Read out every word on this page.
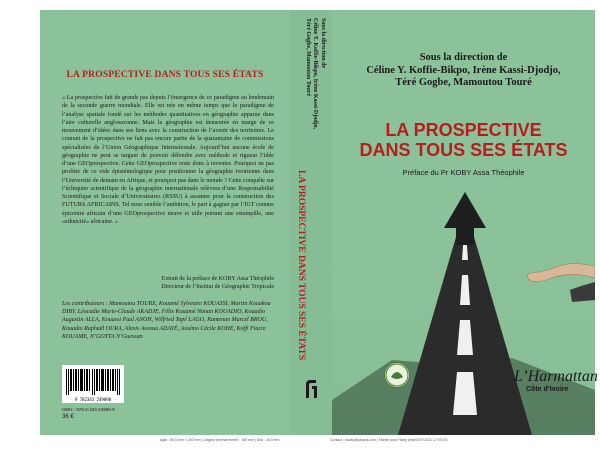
LA PROSPECTIVE DANS TOUS SES ÉTATS

« La prospective fait de grands pas depuis l’émergence de ce paradigme au lendemain de la seconde guerre mondiale. Elle est née en même temps que le paradigme de l’analyse spatiale fondé sur les méthodes quantitatives en géographie apparue dans l’aire culturelle anglosaxonne. Mais la géographie est demeurée en marge de ce mouvement d’idées dans ses liens avec la construction de l’avenir des territoires. Le courant de la prospective ne fait pas encore partie de la quarantaine de commissions spécialisées de l’Union Géographique Internationale. Aujourd’hui aucune école de géographie ne peut se targuer de pouvoir défendre avec méthode et rigueur l’idée d’une GEOprospective. Cette GEOprospective reste donc à inventer. Pourquoi ne pas profiter de ce vide épistémologique pour positionner la géographie ivoirienne dans l’Université de demain en Afrique, et pourquoi pas dans le monde ? Cette conquête sur l’échiquier scientifique de la géographie internationale relèvera d’une Responsabilité Scientifique et Sociale d’Universitaires (RSSU) à assumer pour la construction des FUTURS AFRICAINS. Tel nous semble l’ambition, le pari à gagner par l’IGT comme épicentre africain d’une GEOprospective neuve et utile portant une estampille, une «ethnicité» africaine. »

Extrait de la préface de KOBY Assa Théophile
Directeur de l’Institut de Géographie Tropicale
Les contributeurs : Mamoutou TOURE, Kouamé Sylvestre KOUASSI, Martin Kouakou DIBY, Léocadie Marie-Claude AKADJE, Félix Kouamé Nanan KOUADIO, Kouadio Augustin ALLA, Kouassi Paul ANOH, Wilfried Tapé LAGO, Kamenan Marcel BROU, Kouadio Raphaël OURA, Alexis Assoua ADAYÉ, Assémo Cécile KOHE, Koffi Fiacre KOUAME, N’GOTTA N’Guessan
9 782343 249898
ISBN : 978-2-343-24989-8
36 €
Sous la direction de
Céline Y. Koffie-Bikpo, Irène Kassi-Djodjo,
Téré Gogbe, Mamoutou Touré
LA PROSPECTIVE DANS TOUS SES ÉTATS
Sous la direction de
Céline Y. Koffie-Bikpo, Irène Kassi-Djodjo,
Téré Gogbe, Mamoutou Touré
LA PROSPECTIVE
DANS TOUS SES ÉTATS
Préface du Pr KOBY Assa Théophile
L’Harmattan
Côte d’Ivoire
Agfa : 60,5 mm × 240 mm | Largeur (format fermé) : 155 mm | Dos : 16,3 mm	Contact : studio@zarpus.com | Fichier pour Harry (mail 5/07/2021 17:00:01)
